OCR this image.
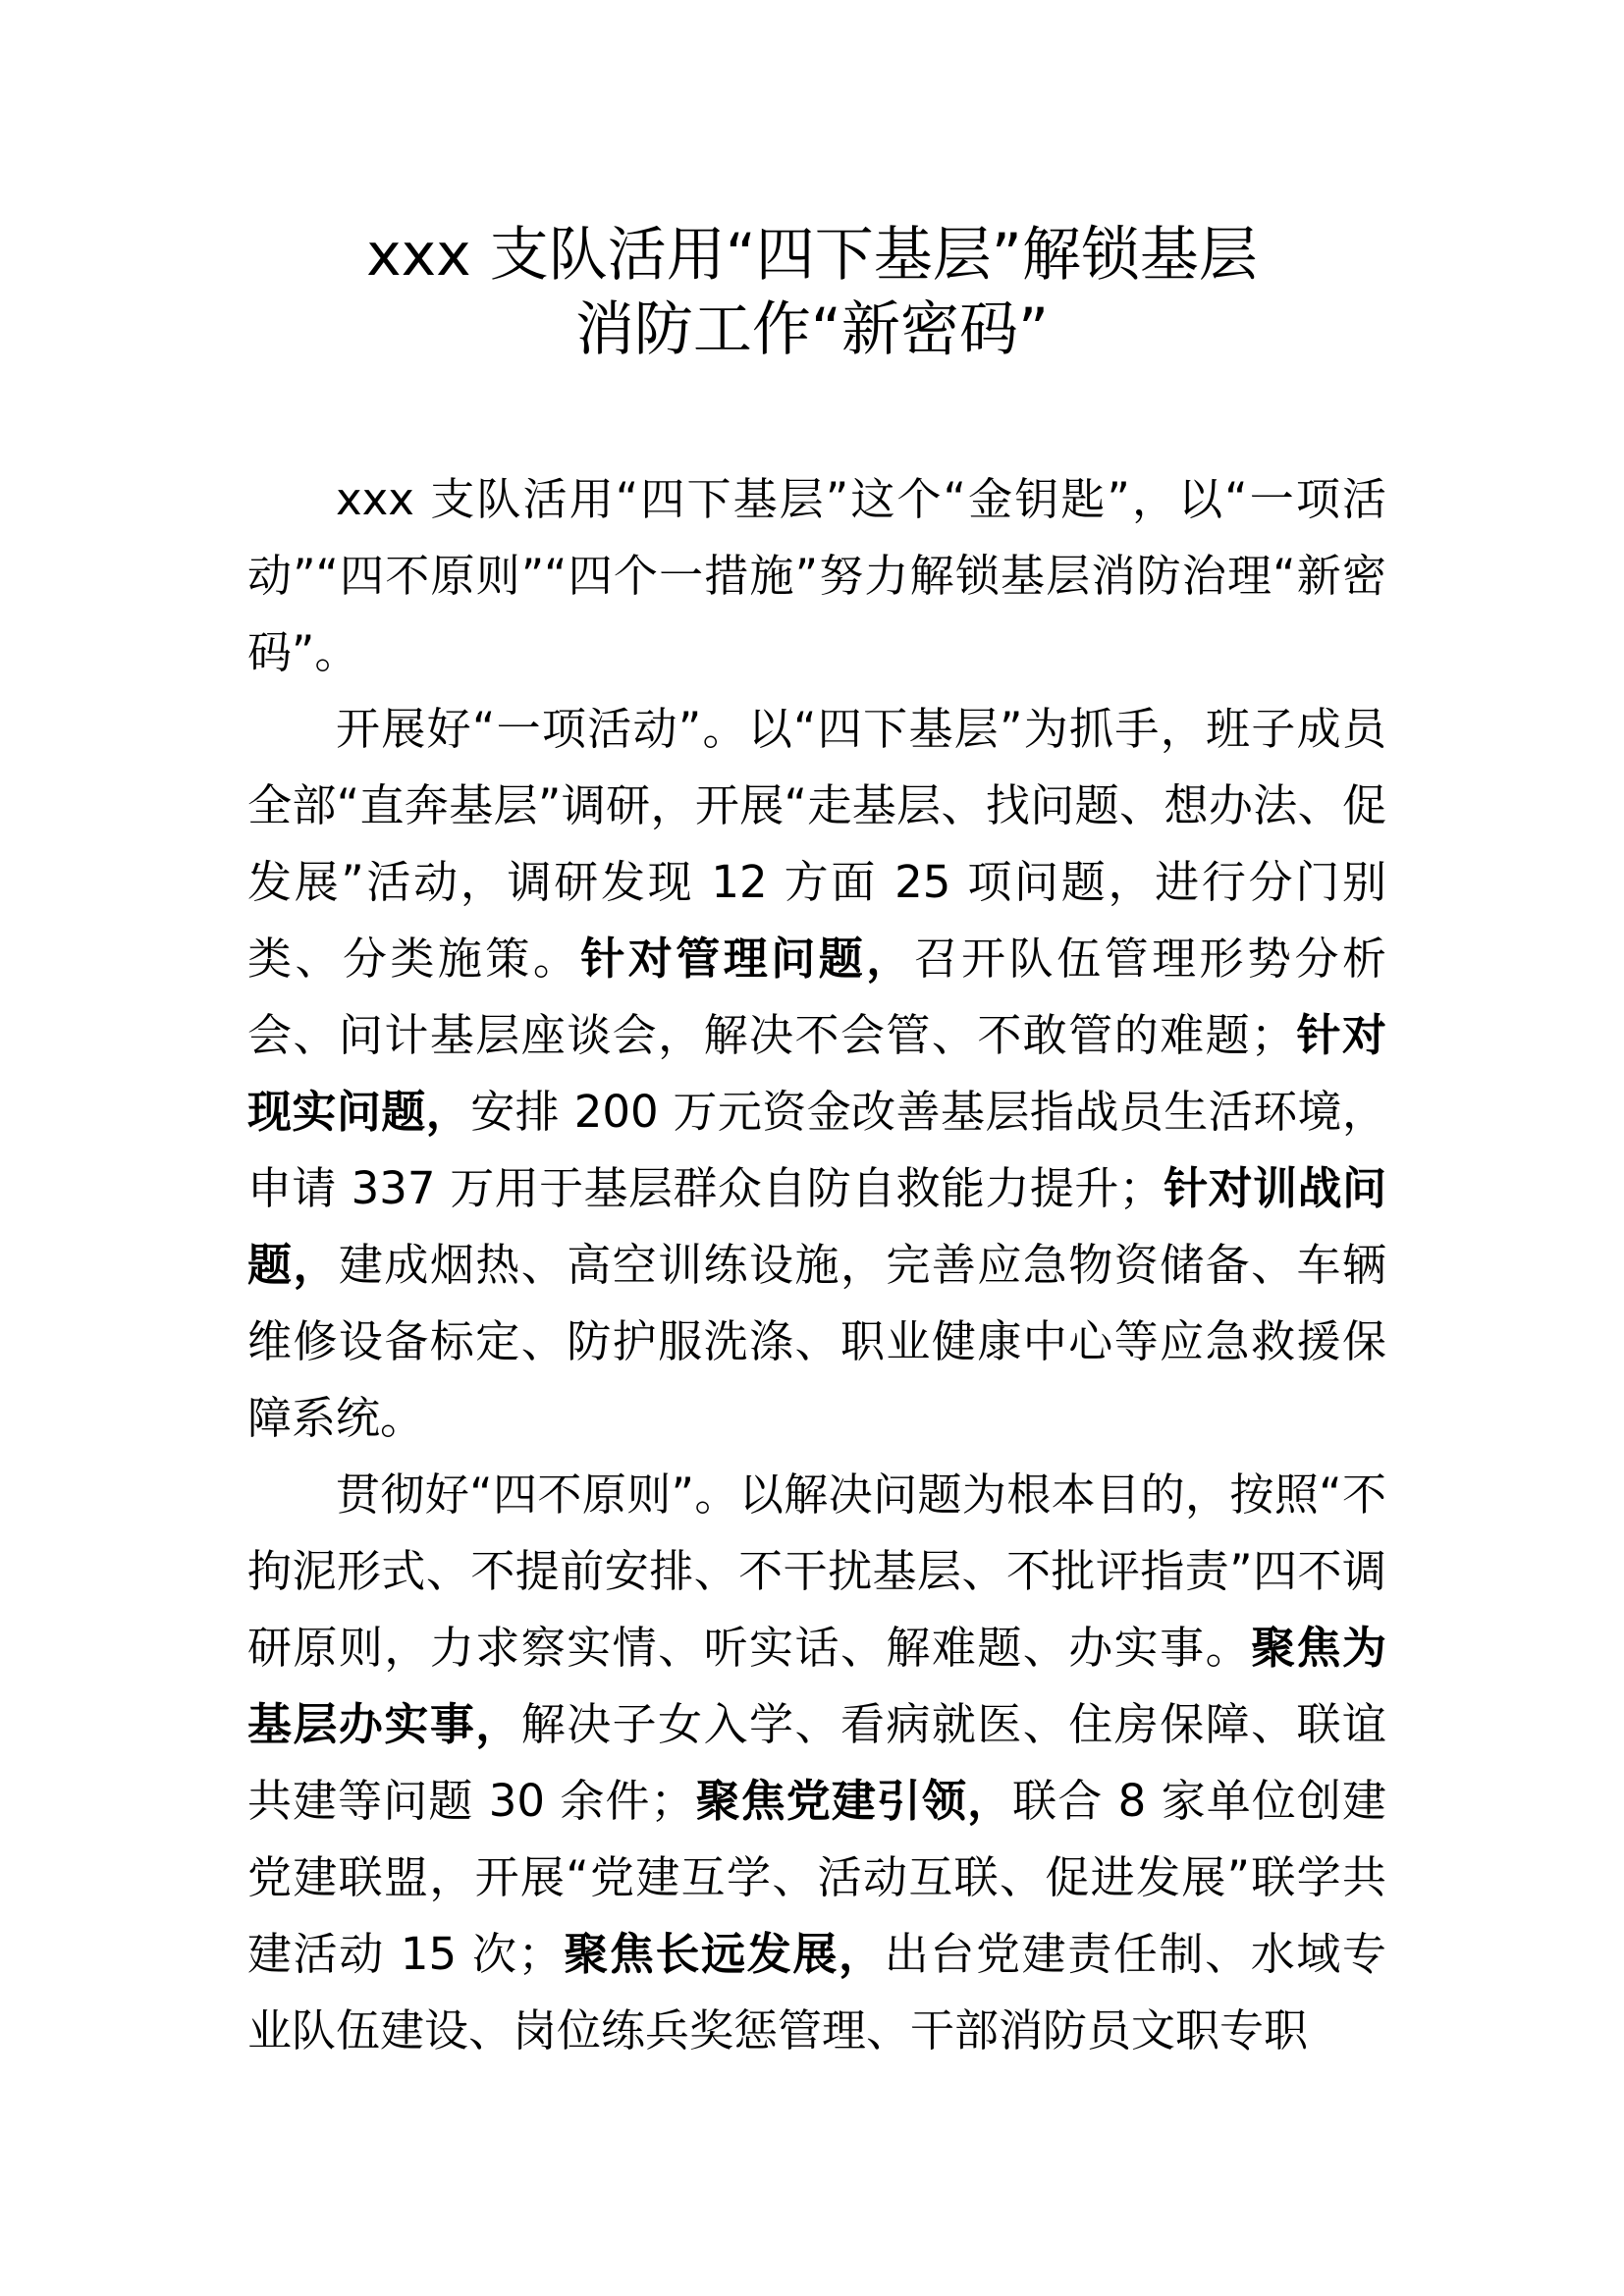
xxx 支队活用“四下基层”解锁基层
消防工作“新密码”

xxx 支队活用“四下基层”这个“金钥匙”，以“一项活动”“四不原则”“四个一措施”努力解锁基层消防治理“新密码”。

开展好“一项活动”。以“四下基层”为抓手，班子成员全部“直奔基层”调研，开展“走基层、找问题、想办法、促发展”活动，调研发现 12 方面 25 项问题，进行分门别类、分类施策。针对管理问题，召开队伍管理形势分析会、问计基层座谈会，解决不会管、不敢管的难题；针对现实问题，安排 200 万元资金改善基层指战员生活环境，申请 337 万用于基层群众自防自救能力提升；针对训战问题，建成烟热、高空训练设施，完善应急物资储备、车辆维修设备标定、防护服洗涤、职业健康中心等应急救援保障系统。

贯彻好“四不原则”。以解决问题为根本目的，按照“不拘泥形式、不提前安排、不干扰基层、不批评指责”四不调研原则，力求察实情、听实话、解难题、办实事。聚焦为基层办实事，解决子女入学、看病就医、住房保障、联谊共建等问题 30 余件；聚焦党建引领，联合 8 家单位创建党建联盟，开展“党建互学、活动互联、促进发展”联学共建活动 15 次；聚焦长远发展，出台党建责任制、水域专业队伍建设、岗位练兵奖惩管理、干部消防员文职专职
